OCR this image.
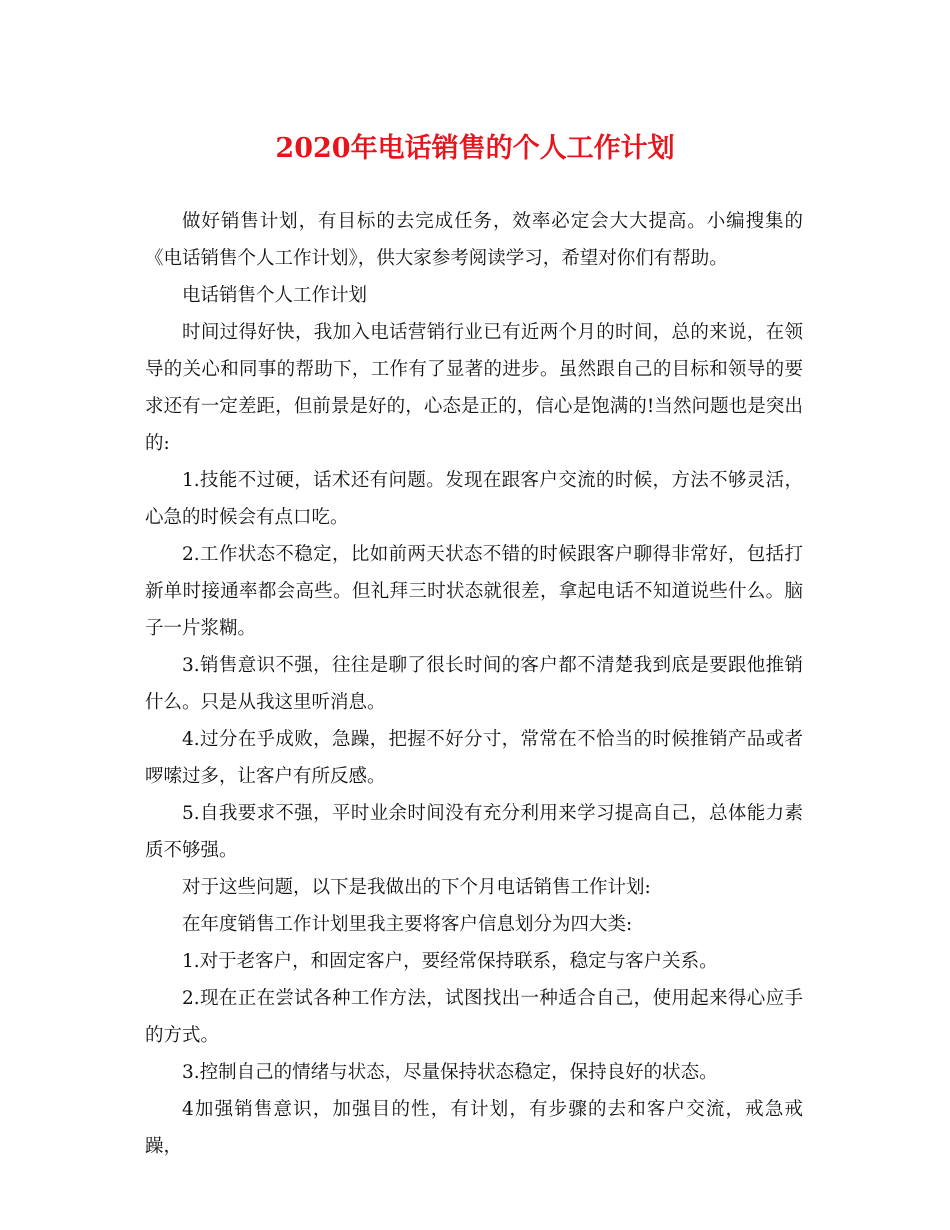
2020年电话销售的个人工作计划

做好销售计划，有目标的去完成任务，效率必定会大大提高。小编搜集的《电话销售个人工作计划》，供大家参考阅读学习，希望对你们有帮助。

电话销售个人工作计划

时间过得好快，我加入电话营销行业已有近两个月的时间，总的来说，在领导的关心和同事的帮助下，工作有了显著的进步。虽然跟自己的目标和领导的要求还有一定差距，但前景是好的，心态是正的，信心是饱满的!当然问题也是突出的:

1.技能不过硬，话术还有问题。发现在跟客户交流的时候，方法不够灵活，心急的时候会有点口吃。

2.工作状态不稳定，比如前两天状态不错的时候跟客户聊得非常好，包括打新单时接通率都会高些。但礼拜三时状态就很差，拿起电话不知道说些什么。脑子一片浆糊。

3.销售意识不强，往往是聊了很长时间的客户都不清楚我到底是要跟他推销什么。只是从我这里听消息。

4.过分在乎成败，急躁，把握不好分寸，常常在不恰当的时候推销产品或者啰嗦过多，让客户有所反感。

5.自我要求不强，平时业余时间没有充分利用来学习提高自己，总体能力素质不够强。

对于这些问题，以下是我做出的下个月电话销售工作计划:

在年度销售工作计划里我主要将客户信息划分为四大类:

1.对于老客户，和固定客户，要经常保持联系，稳定与客户关系。

2.现在正在尝试各种工作方法，试图找出一种适合自己，使用起来得心应手的方式。

3.控制自己的情绪与状态，尽量保持状态稳定，保持良好的状态。

4加强销售意识，加强目的性，有计划，有步骤的去和客户交流，戒急戒躁，
